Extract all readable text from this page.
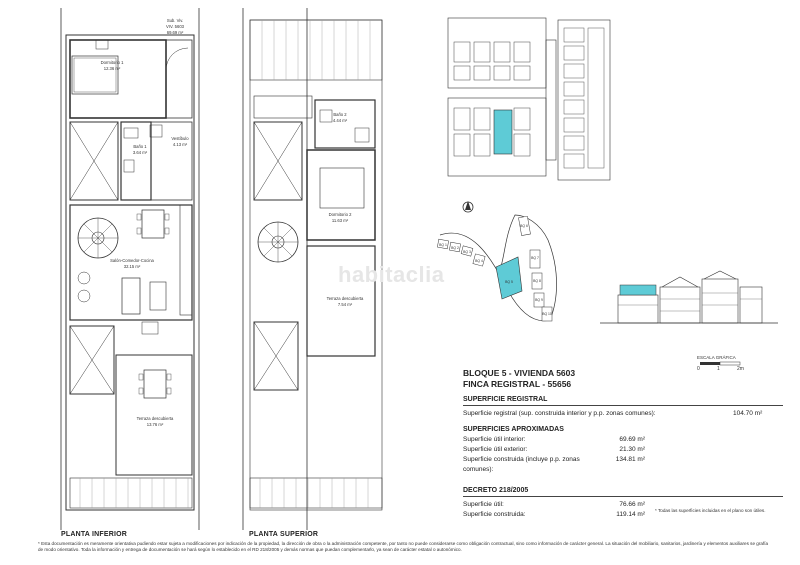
Sub. Viv.
VIV. 5603
69.69 m²
Dormitorio 1
12.36 m²
Vestíbulo
4.13 m²
Baño 1
3.64 m²
Salón-Comedor-Cocina
32.15 m²
Terraza descubierta
13.76 m²
PLANTA INFERIOR
Baño 2
4.44 m²
Dormitorio 2
11.63 m²
Terraza descubierta
7.54 m²
PLANTA SUPERIOR
BQ 1
BQ 2
BQ 3
BQ 4
BQ 5
BQ 6
BQ 7
BQ 8
BQ 9
BQ 10
ESCALA GRÁFICA
0	1	2m
habitaclia
BLOQUE 5 - VIVIENDA 5603
FINCA REGISTRAL - 55656
SUPERFICIE REGISTRAL
Superficie registral (sup. construida interior y p.p. zonas comunes):	104.70 m²
SUPERFICIES APROXIMADAS
Superficie útil interior:	69.69 m²
Superficie útil exterior:	21.30 m²
Superficie construida (incluye p.p. zonas comunes):
134.81 m²
DECRETO 218/2005
Superficie útil:	76.66 m²
Superficie construida:	119.14 m²
* Todas las superficies incluidas en el plano son útiles.
* Esta documentación es meramente orientativa pudiendo estar sujeta a modificaciones por indicación de la propiedad, la dirección de obra o la administración competente, por tanto no puede considerarse como obligación contractual, sino como información de carácter general. La situación del mobiliario, sanitarios, jardinería y elementos auxiliares se grafía de modo orientativo. Toda la información y entrega de documentación se hará según lo establecido en el RD 218/2005 y demás normas que puedan complementarlo, ya sean de carácter estatal o autonómico.
